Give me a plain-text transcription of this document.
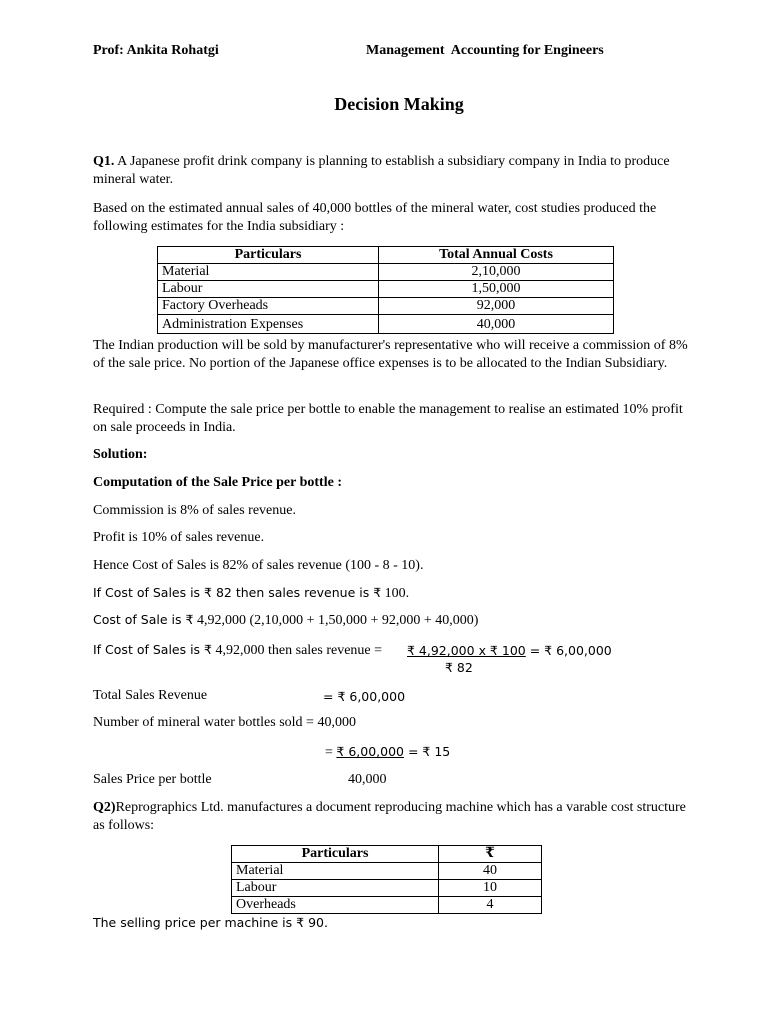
Prof: Ankita Rohatgi	Management  Accounting for Engineers
Decision Making
Q1. A Japanese profit drink company is planning to establish a subsidiary company in India to produce mineral water.
Based on the estimated annual sales of 40,000 bottles of the mineral water, cost studies produced the following estimates for the India subsidiary :
Particulars	Total Annual Costs
Material	2,10,000
Labour	1,50,000
Factory Overheads	92,000
Administration Expenses	40,000
The Indian production will be sold by manufacturer's representative who will receive a commission of 8% of the sale price. No portion of the Japanese office expenses is to be allocated to the Indian Subsidiary.
Required : Compute the sale price per bottle to enable the management to realise an estimated 10% profit on sale proceeds in India.
Solution:
Computation of the Sale Price per bottle :
Commission is 8% of sales revenue.
Profit is 10% of sales revenue.
Hence Cost of Sales is 82% of sales revenue (100 - 8 - 10).
If Cost of Sales is ₹ 82 then sales revenue is ₹ 100.
Cost of Sale is ₹ 4,92,000 (2,10,000 + 1,50,000 + 92,000 + 40,000)
If Cost of Sales is ₹ 4,92,000 then sales revenue = ₹ 4,92,000 x ₹ 100 = ₹ 6,00,000
₹ 82
Total Sales Revenue	= ₹ 6,00,000
Number of mineral water bottles sold = 40,000
= ₹ 6,00,000 = ₹ 15
Sales Price per bottle	40,000
Q2)Reprographics Ltd. manufactures a document reproducing machine which has a varable cost structure as follows:
Particulars	₹
Material	40
Labour	10
Overheads	4
The selling price per machine is ₹ 90.
